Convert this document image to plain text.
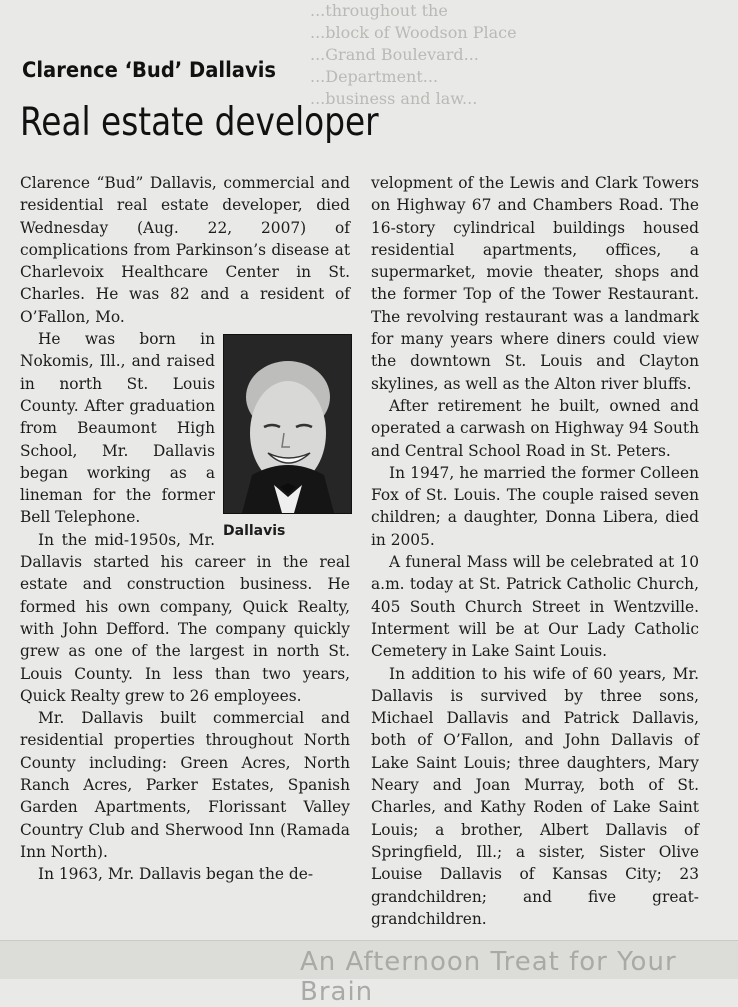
...throughout the
...block of Woodson Place
...Grand Boulevard...
...Department...
...business and law...
Clarence ‘Bud’ Dallavis
Real estate developer

Clarence “Bud” Dallavis, commercial and residential real estate developer, died Wednesday (Aug. 22, 2007) of complications from Parkinson’s disease at Charlevoix Healthcare Center in St. Charles. He was 82 and a resident of O’Fallon, Mo.

Dallavis

He was born in Nokomis, Ill., and raised in north St. Louis County. After graduation from Beaumont High School, Mr. Dallavis began working as a lineman for the former Bell Telephone.

In the mid-1950s, Mr. Dallavis started his career in the real estate and construction business. He formed his own company, Quick Realty, with John Defford. The company quickly grew as one of the largest in north St. Louis County. In less than two years, Quick Realty grew to 26 employees.

Mr. Dallavis built commercial and residential properties throughout North County including: Green Acres, North Ranch Acres, Parker Estates, Spanish Garden Apartments, Florissant Valley Country Club and Sherwood Inn (Ramada Inn North).

In 1963, Mr. Dallavis began the de-

velopment of the Lewis and Clark Towers on Highway 67 and Chambers Road. The 16-story cylindrical buildings housed residential apartments, offices, a supermarket, movie theater, shops and the former Top of the Tower Restaurant. The revolving restaurant was a landmark for many years where diners could view the downtown St. Louis and Clayton skylines, as well as the Alton river bluffs.

After retirement he built, owned and operated a carwash on Highway 94 South and Central School Road in St. Peters.

In 1947, he married the former Colleen Fox of St. Louis. The couple raised seven children; a daughter, Donna Libera, died in 2005.

A funeral Mass will be celebrated at 10 a.m. today at St. Patrick Catholic Church, 405 South Church Street in Wentzville. Interment will be at Our Lady Catholic Cemetery in Lake Saint Louis.

In addition to his wife of 60 years, Mr. Dallavis is survived by three sons, Michael Dallavis and Patrick Dallavis, both of O’Fallon, and John Dallavis of Lake Saint Louis; three daughters, Mary Neary and Joan Murray, both of St. Charles, and Kathy Roden of Lake Saint Louis; a brother, Albert Dallavis of Springfield, Ill.; a sister, Sister Olive Louise Dallavis of Kansas City; 23 grandchildren; and five great-grandchildren.

An Afternoon Treat for Your Brain
